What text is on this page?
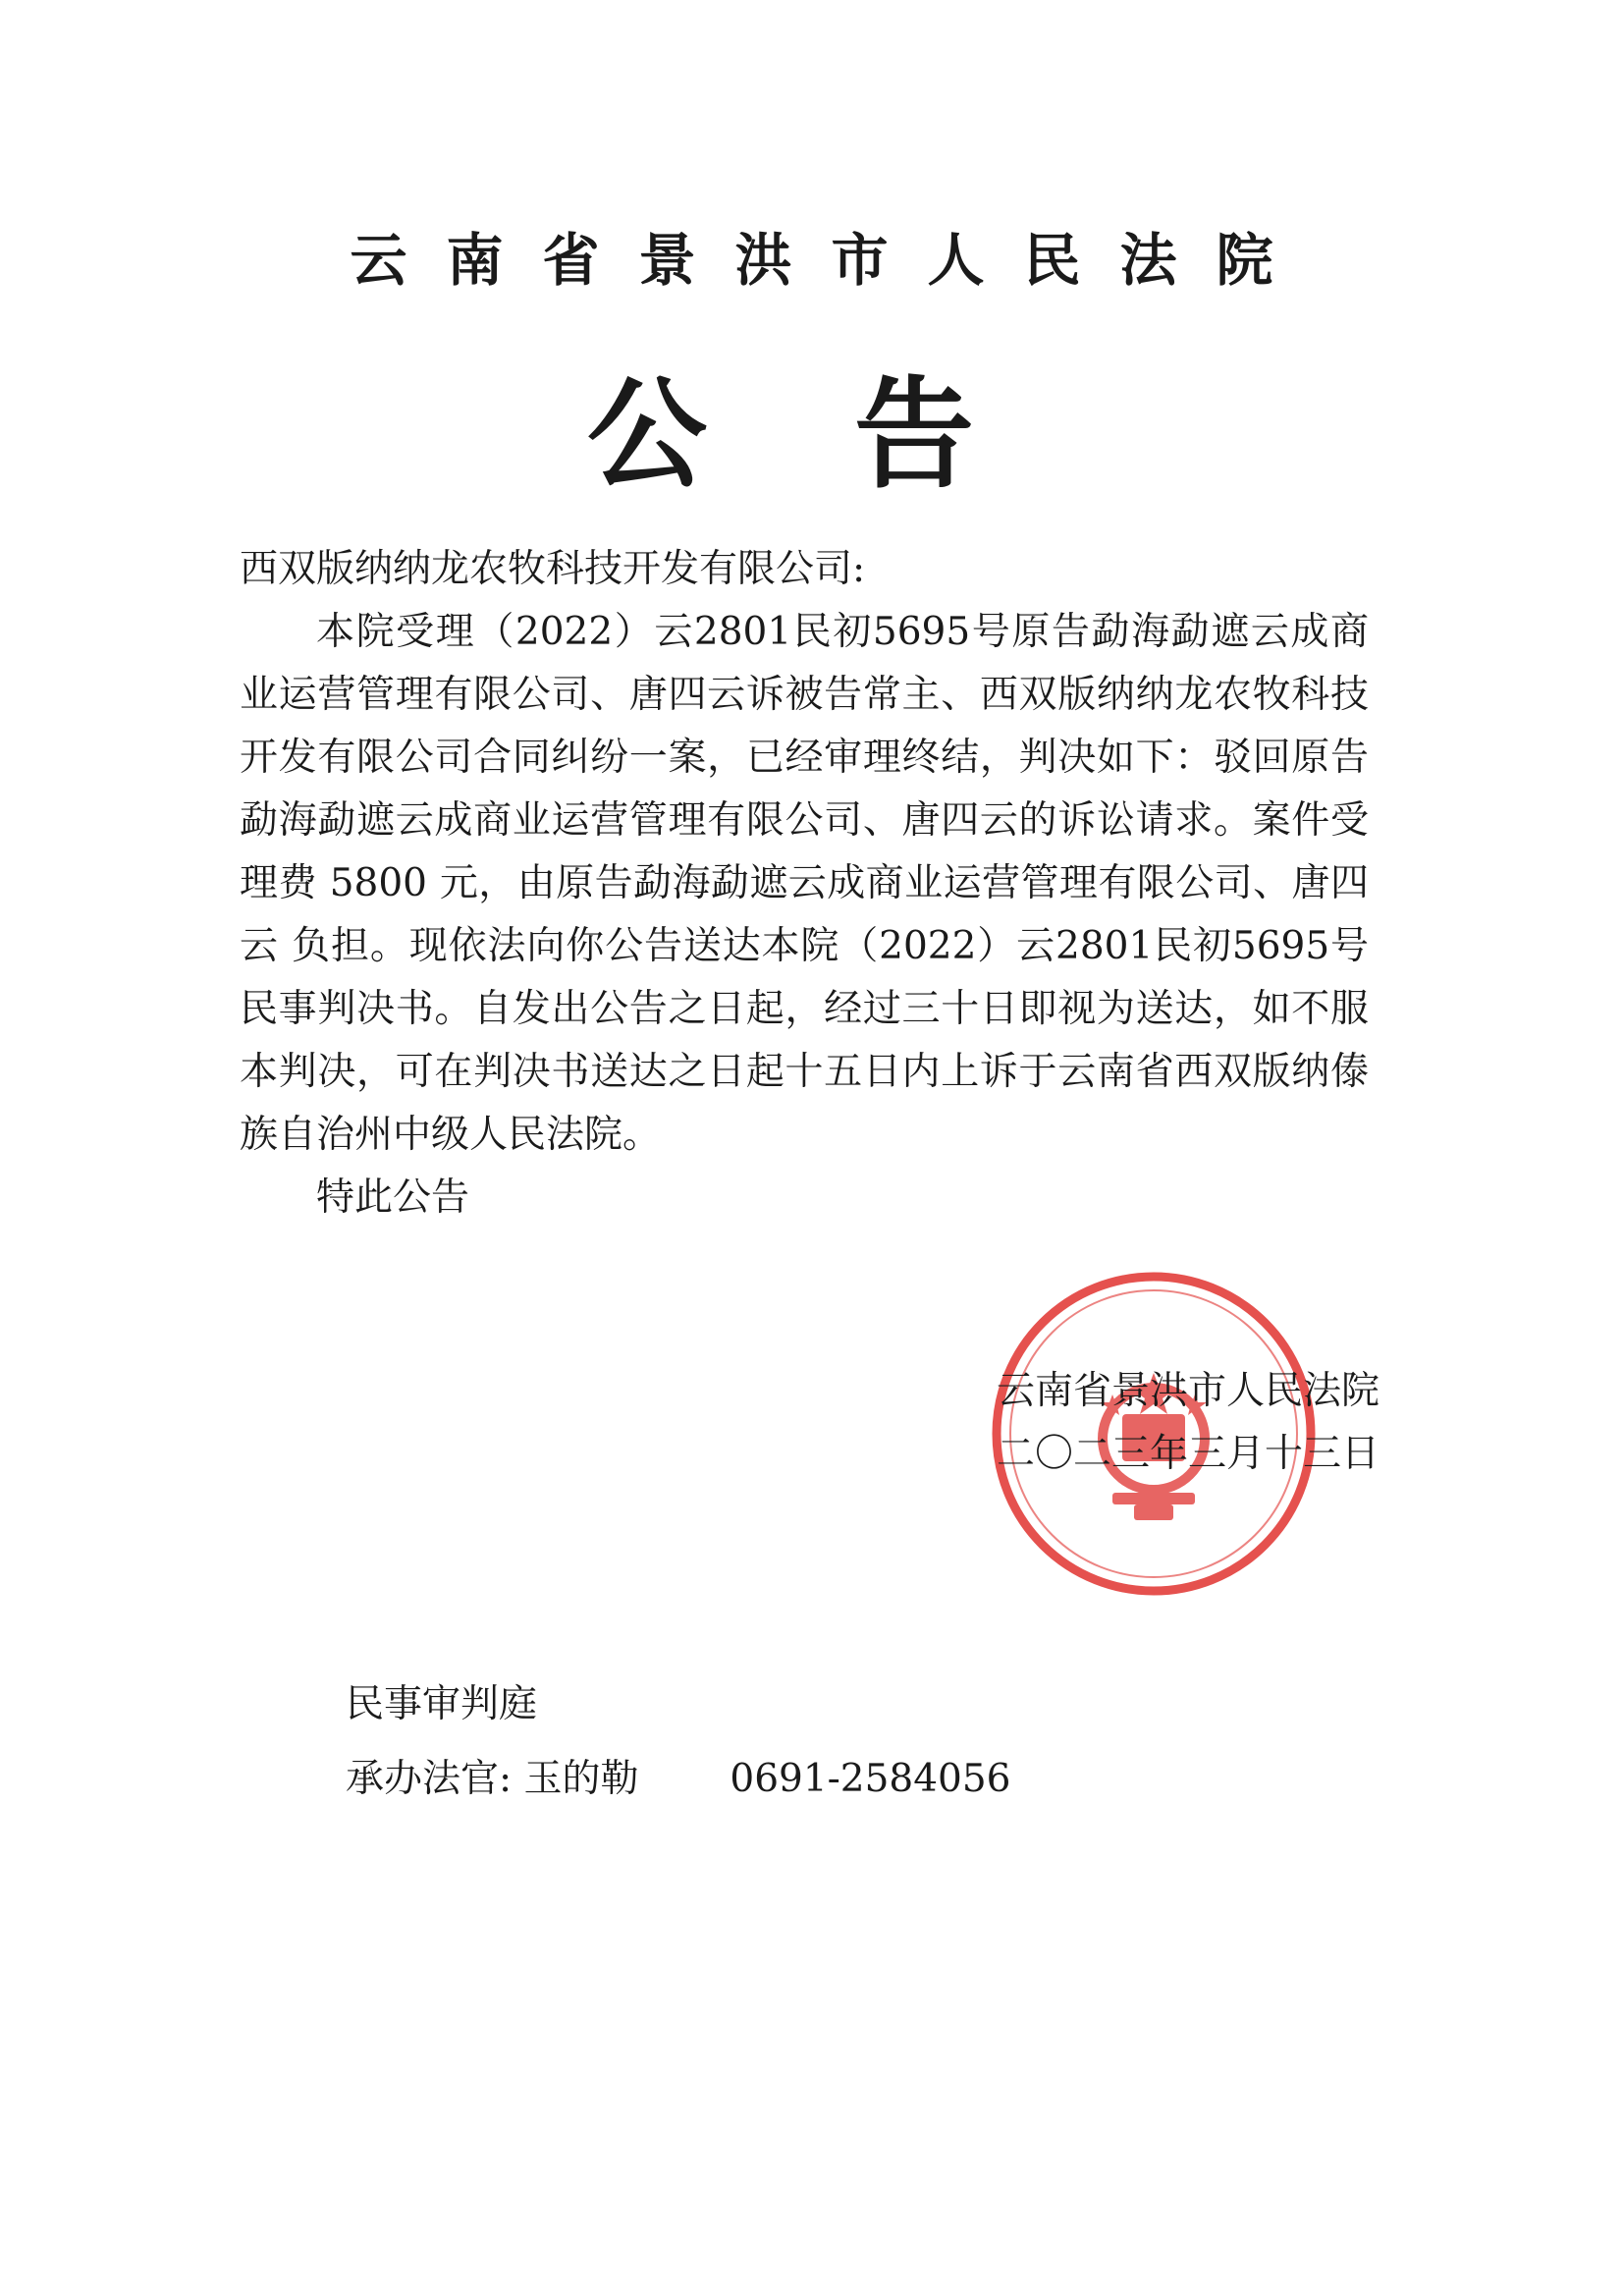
云南省景洪市人民法院
公告

西双版纳纳龙农牧科技开发有限公司:

本院受理（2022）云2801民初5695号原告勐海勐遮云成商业运营管理有限公司、唐四云诉被告常主、西双版纳纳龙农牧科技开发有限公司合同纠纷一案，已经审理终结，判决如下：驳回原告勐海勐遮云成商业运营管理有限公司、唐四云的诉讼请求。案件受理费 5800 元，由原告勐海勐遮云成商业运营管理有限公司、唐四云 负担。现依法向你公告送达本院（2022）云2801民初5695号民事判决书。自发出公告之日起，经过三十日即视为送达，如不服本判决，可在判决书送达之日起十五日内上诉于云南省西双版纳傣族自治州中级人民法院。

特此公告

云南省景洪市人民法院
二〇二三年三月十三日
民事审判庭
承办法官: 玉的勒 0691-2584056
